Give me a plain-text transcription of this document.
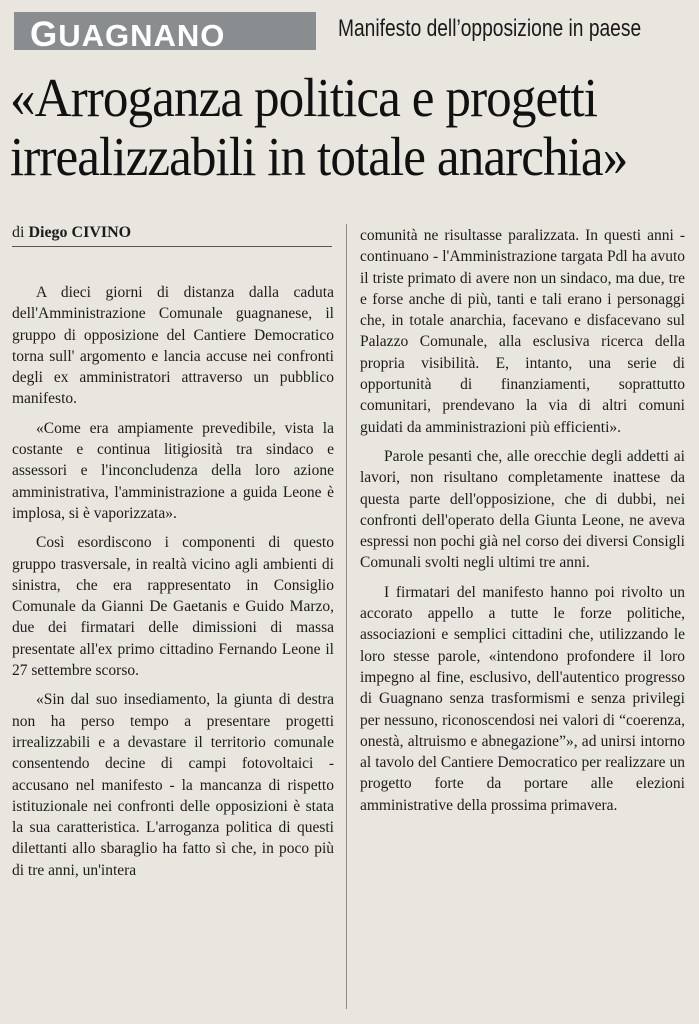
GUAGNANO	Manifesto dell’opposizione in paese
«Arroganza politica e progetti
irrealizzabili in totale anarchia»
di Diego CIVINO

A dieci giorni di distanza dalla caduta dell'Amministrazione Comunale guagnanese, il gruppo di opposizione del Cantiere Democratico torna sull' argomento e lancia accuse nei confronti degli ex amministratori attraverso un pubblico manifesto.

«Come era ampiamente prevedibile, vista la costante e continua litigiosità tra sindaco e assessori e l'inconcludenza della loro azione amministrativa, l'amministrazione a guida Leone è implosa, si è vaporizzata».

Così esordiscono i componenti di questo gruppo trasversale, in realtà vicino agli ambienti di sinistra, che era rappresentato in Consiglio Comunale da Gianni De Gaetanis e Guido Marzo, due dei firmatari delle dimissioni di massa presentate all'ex primo cittadino Fernando Leone il 27 settembre scorso.

«Sin dal suo insediamento, la giunta di destra non ha perso tempo a presentare progetti irrealizzabili e a devastare il territorio comunale consentendo decine di campi fotovoltaici - accusano nel manifesto - la mancanza di rispetto istituzionale nei confronti delle opposizioni è stata la sua caratteristica. L'arroganza politica di questi dilettanti allo sbaraglio ha fatto sì che, in poco più di tre anni, un'intera

comunità ne risultasse paralizzata. In questi anni - continuano - l'Amministrazione targata Pdl ha avuto il triste primato di avere non un sindaco, ma due, tre e forse anche di più, tanti e tali erano i personaggi che, in totale anarchia, facevano e disfacevano sul Palazzo Comunale, alla esclusiva ricerca della propria visibilità. E, intanto, una serie di opportunità di finanziamenti, soprattutto comunitari, prendevano la via di altri comuni guidati da amministrazioni più efficienti».

Parole pesanti che, alle orecchie degli addetti ai lavori, non risultano completamente inattese da questa parte dell'opposizione, che di dubbi, nei confronti dell'operato della Giunta Leone, ne aveva espressi non pochi già nel corso dei diversi Consigli Comunali svolti negli ultimi tre anni.

I firmatari del manifesto hanno poi rivolto un accorato appello a tutte le forze politiche, associazioni e semplici cittadini che, utilizzando le loro stesse parole, «intendono profondere il loro impegno al fine, esclusivo, dell'autentico progresso di Guagnano senza trasformismi e senza privilegi per nessuno, riconoscendosi nei valori di “coerenza, onestà, altruismo e abnegazione”», ad unirsi intorno al tavolo del Cantiere Democratico per realizzare un progetto forte da portare alle elezioni amministrative della prossima primavera.
